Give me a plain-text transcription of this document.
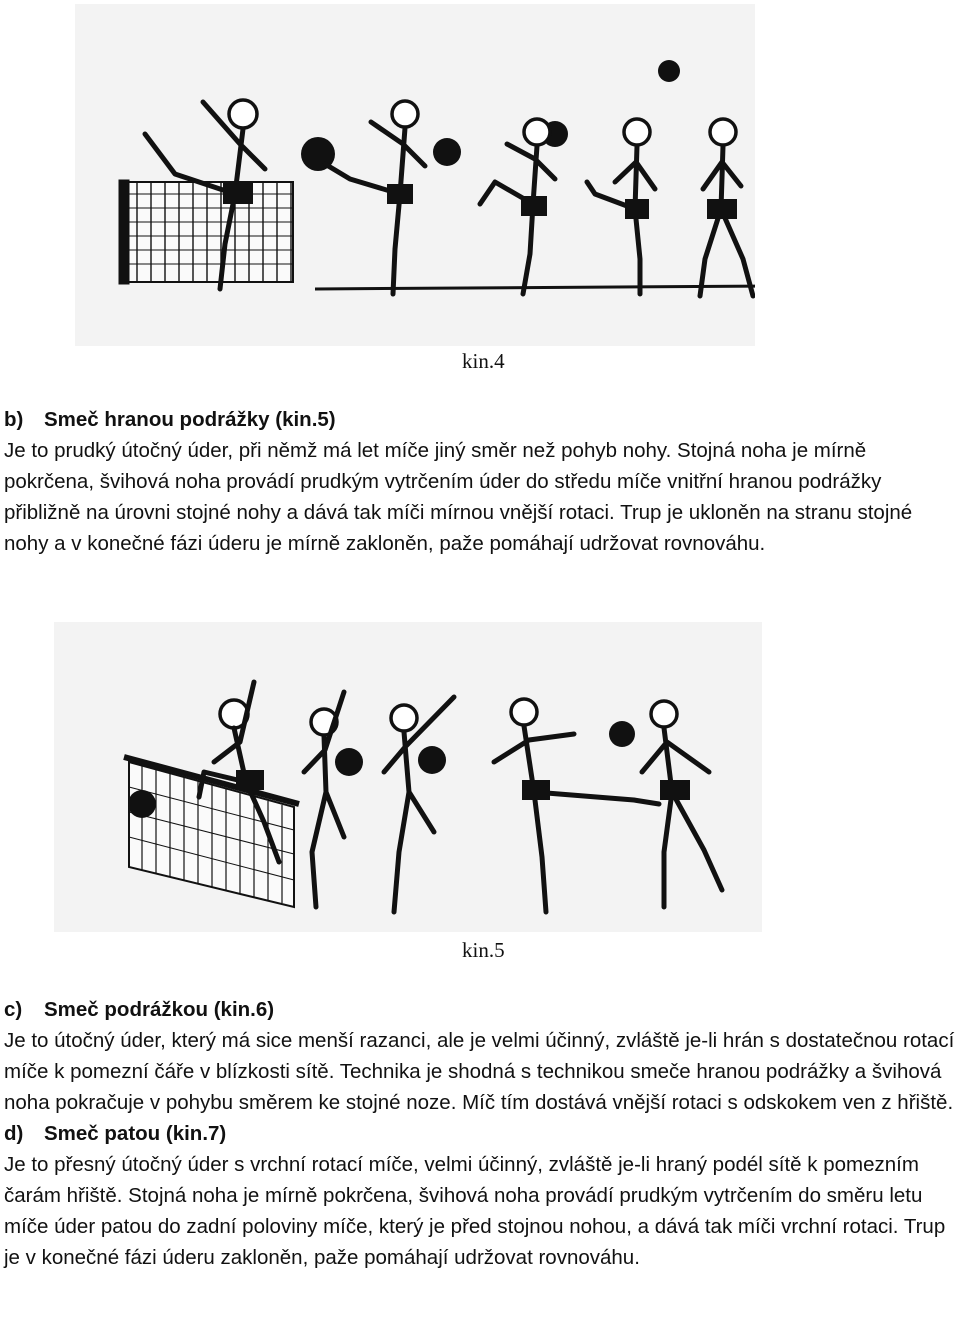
kin.4

b) Smeč hranou podrážky (kin.5)

Je to prudký útočný úder, při němž má let míče jiný směr než pohyb nohy. Stojná noha je mírně pokrčena, švihová noha provádí prudkým vytrčením úder do středu míče vnitřní hranou podrážky přibližně na úrovni stojné nohy a dává tak míči mírnou vnější rotaci. Trup je ukloněn na stranu stojné nohy a v konečné fázi úderu je mírně zakloněn, paže pomáhají udržovat rovnováhu.

kin.5

c) Smeč podrážkou (kin.6)

Je to útočný úder, který má sice menší razanci, ale je velmi účinný, zvláště je-li hrán s dostatečnou rotací míče k pomezní čáře v blízkosti sítě. Technika je shodná s technikou smeče hranou podrážky a švihová noha pokračuje v pohybu směrem ke stojné noze. Míč tím dostává vnější rotaci s odskokem ven z hřiště.

d) Smeč patou (kin.7)

Je to přesný útočný úder s vrchní rotací míče, velmi účinný, zvláště je-li hraný podél sítě k pomezním čarám hřiště. Stojná noha je mírně pokrčena, švihová noha provádí prudkým vytrčením do směru letu míče úder patou do zadní poloviny míče, který je před stojnou nohou, a dává tak míči vrchní rotaci. Trup je v konečné fázi úderu zakloněn, paže pomáhají udržovat rovnováhu.
